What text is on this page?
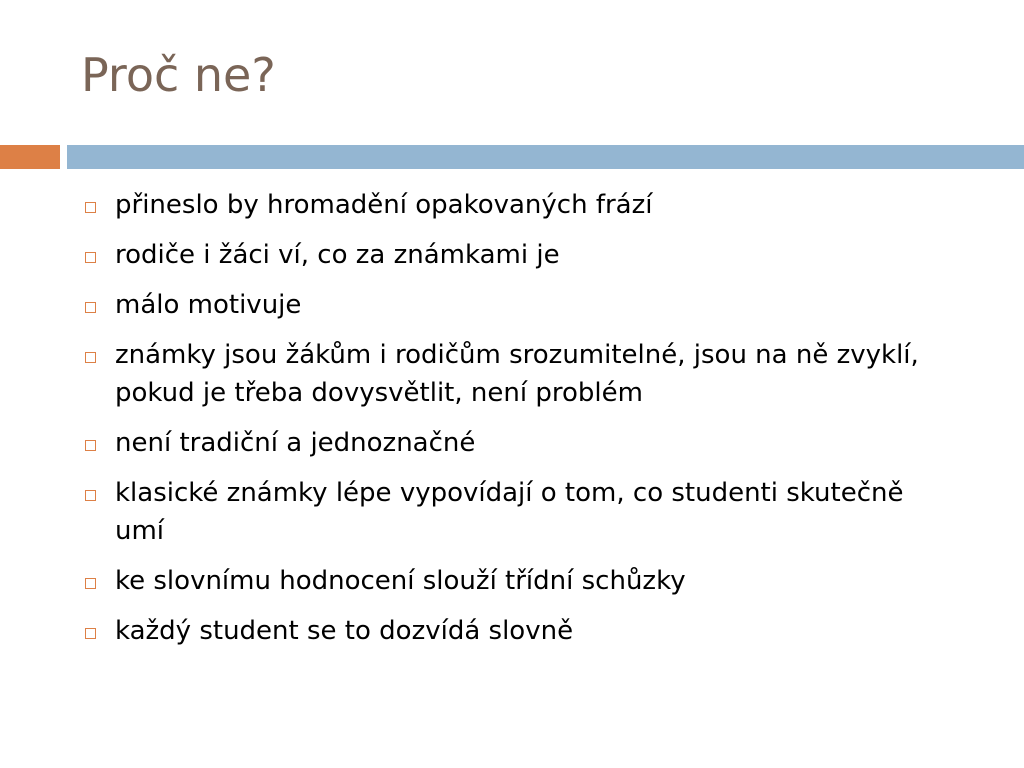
Proč ne?
přineslo by hromadění opakovaných frází
rodiče i žáci ví, co za známkami je
málo motivuje
známky jsou žákům i rodičům srozumitelné, jsou na ně zvyklí, pokud je třeba dovysvětlit, není problém
není tradiční a jednoznačné
klasické známky lépe vypovídají o tom, co studenti skutečně umí
ke slovnímu hodnocení slouží třídní schůzky
každý student se to dozvídá slovně
